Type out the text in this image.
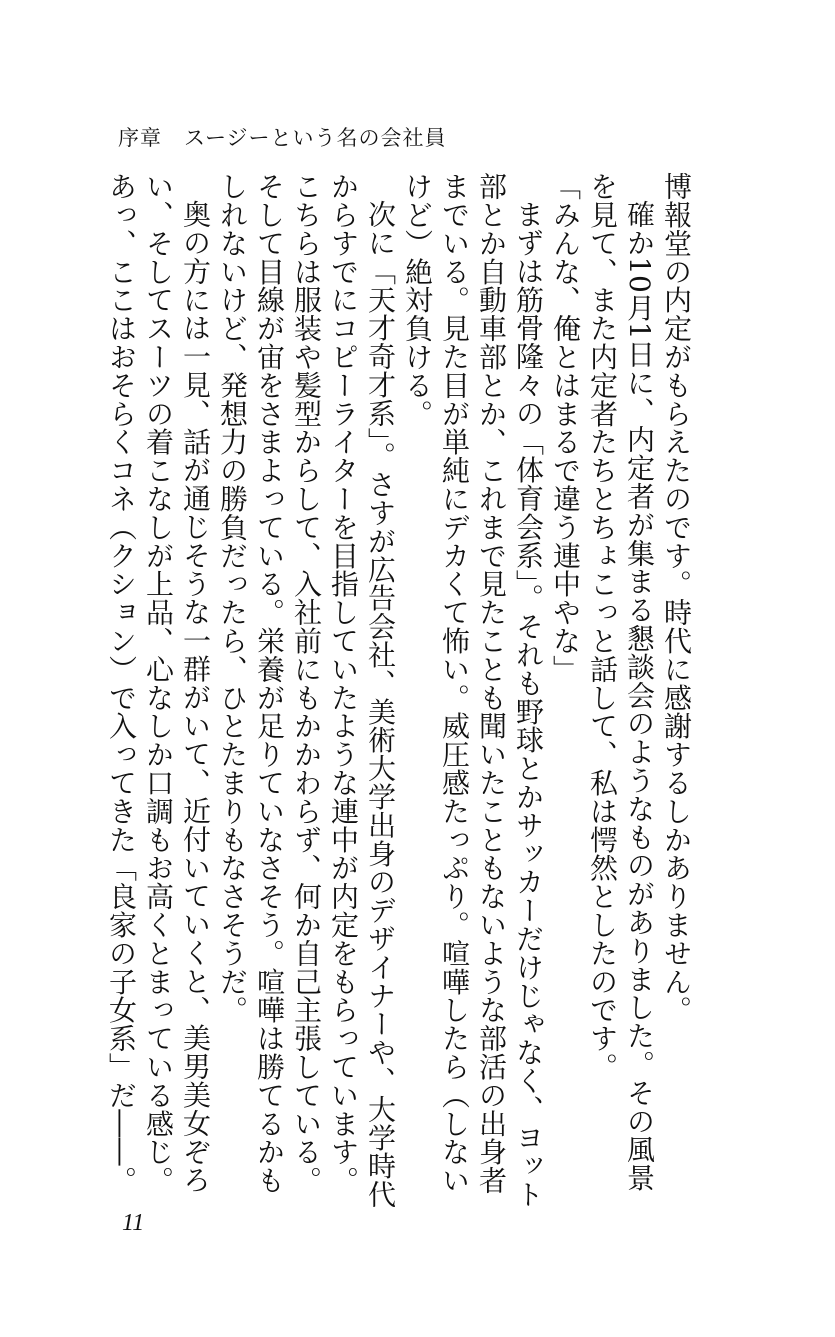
序章　スージーという名の会社員

博報堂の内定がもらえたのです。時代に感謝するしかありません。

確か10月1日に、内定者が集まる懇談会のようなものがありました。その風景を見て、また内定者たちとちょこっと話して、私は愕然としたのです。

「みんな、俺とはまるで違う連中やな」

まずは筋骨隆々の「体育会系」。それも野球とかサッカーだけじゃなく、ヨット部とか自動車部とか、これまで見たことも聞いたこともないような部活の出身者までいる。見た目が単純にデカくて怖い。威圧感たっぷり。喧嘩したら（しないけど）絶対負ける。

次に「天才奇才系」。さすが広告会社、美術大学出身のデザイナーや、大学時代からすでにコピーライターを目指していたような連中が内定をもらっています。こちらは服装や髪型からして、入社前にもかかわらず、何か自己主張している。そして目線が宙をさまよっている。栄養が足りていなさそう。喧嘩は勝てるかもしれないけど、発想力の勝負だったら、ひとたまりもなさそうだ。

奥の方には一見、話が通じそうな一群がいて、近付いていくと、美男美女ぞろい、そしてスーツの着こなしが上品、心なしか口調もお高くとまっている感じ。あっ、ここはおそらくコネ（クション）で入ってきた「良家の子女系」だ――。

11
